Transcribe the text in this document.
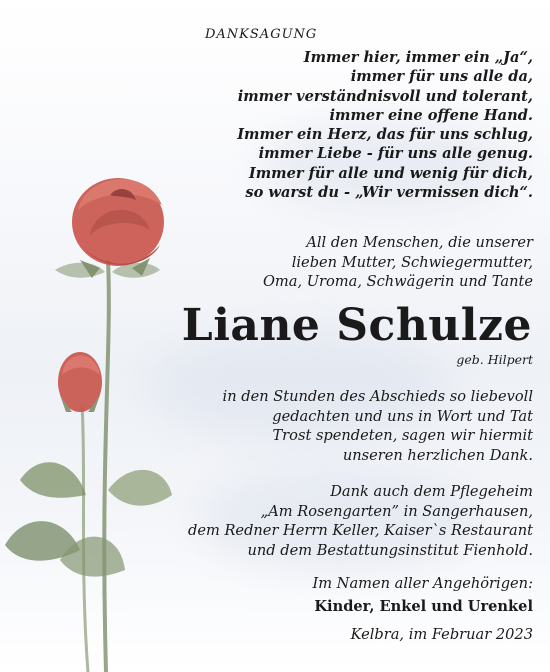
DANKSAGUNG
Immer hier, immer ein „Ja“,
immer für uns alle da,
immer verständnisvoll und tolerant,
immer eine offene Hand.
Immer ein Herz, das für uns schlug,
immer Liebe - für uns alle genug.
Immer für alle und wenig für dich,
so warst du - „Wir vermissen dich“.
All den Menschen, die unserer
lieben Mutter, Schwiegermutter,
Oma, Uroma, Schwägerin und Tante
Liane Schulze
geb. Hilpert
in den Stunden des Abschieds so liebevoll
gedachten und uns in Wort und Tat
Trost spendeten, sagen wir hiermit
unseren herzlichen Dank.
Dank auch dem Pflegeheim
„Am Rosengarten” in Sangerhausen,
dem Redner Herrn Keller, Kaiser`s Restaurant
und dem Bestattungsinstitut Fienhold.
Im Namen aller Angehörigen:
Kinder, Enkel und Urenkel
Kelbra, im Februar 2023
